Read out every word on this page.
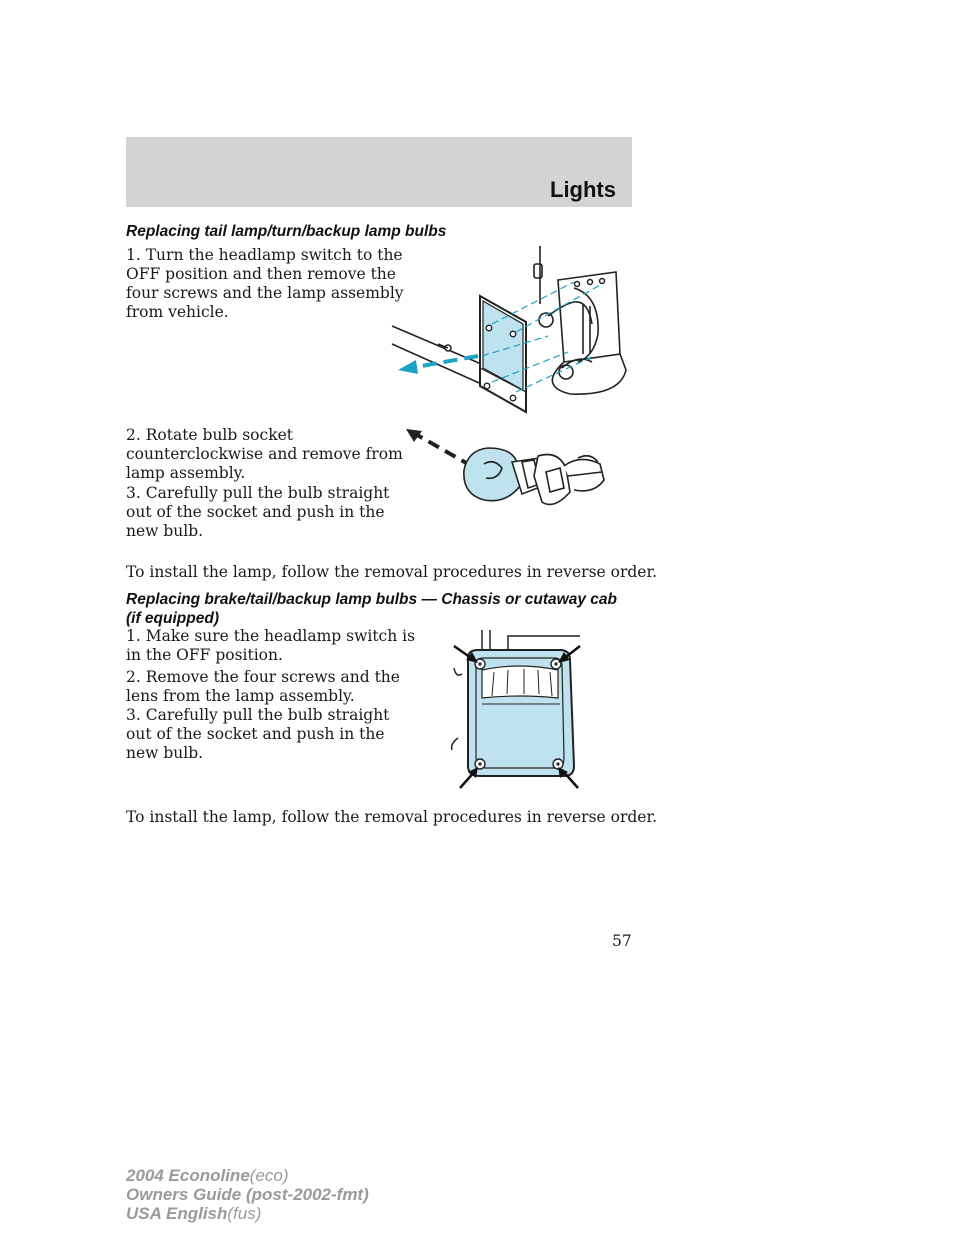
Lights
Replacing tail lamp/turn/backup lamp bulbs
1. Turn the headlamp switch to the
OFF position and then remove the
four screws and the lamp assembly
from vehicle.
2. Rotate bulb socket
counterclockwise and remove from
lamp assembly.
3. Carefully pull the bulb straight
out of the socket and push in the
new bulb.
To install the lamp, follow the removal procedures in reverse order.
Replacing brake/tail/backup lamp bulbs — Chassis or cutaway cab
(if equipped)
1. Make sure the headlamp switch is
in the OFF position.
2. Remove the four screws and the
lens from the lamp assembly.
3. Carefully pull the bulb straight
out of the socket and push in the
new bulb.
To install the lamp, follow the removal procedures in reverse order.
57
2004 Econoline(eco)
Owners Guide (post-2002-fmt)
USA English(fus)
